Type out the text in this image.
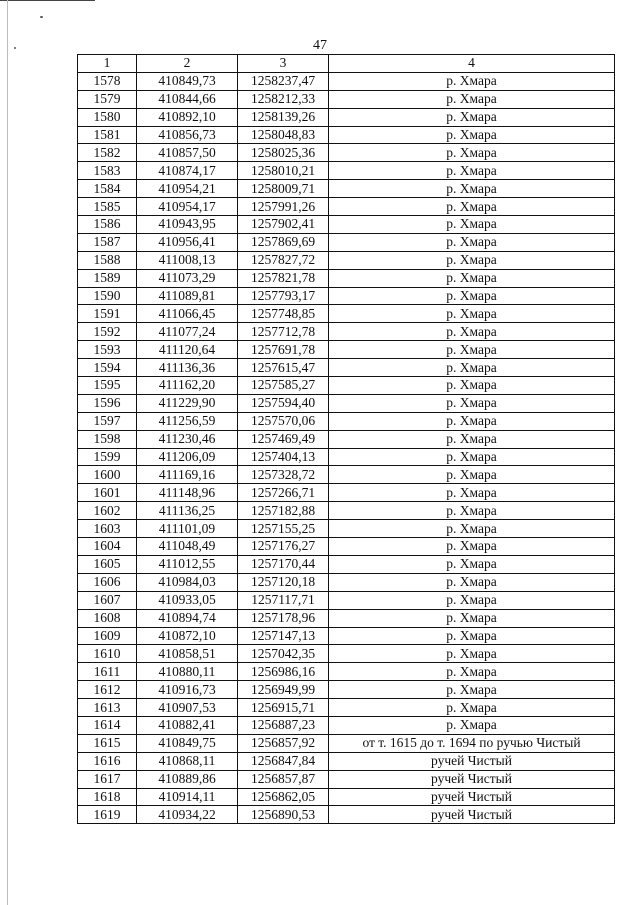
47
1	2	3	4
1578	410849,73	1258237,47	р. Хмара
1579	410844,66	1258212,33	р. Хмара
1580	410892,10	1258139,26	р. Хмара
1581	410856,73	1258048,83	р. Хмара
1582	410857,50	1258025,36	р. Хмара
1583	410874,17	1258010,21	р. Хмара
1584	410954,21	1258009,71	р. Хмара
1585	410954,17	1257991,26	р. Хмара
1586	410943,95	1257902,41	р. Хмара
1587	410956,41	1257869,69	р. Хмара
1588	411008,13	1257827,72	р. Хмара
1589	411073,29	1257821,78	р. Хмара
1590	411089,81	1257793,17	р. Хмара
1591	411066,45	1257748,85	р. Хмара
1592	411077,24	1257712,78	р. Хмара
1593	411120,64	1257691,78	р. Хмара
1594	411136,36	1257615,47	р. Хмара
1595	411162,20	1257585,27	р. Хмара
1596	411229,90	1257594,40	р. Хмара
1597	411256,59	1257570,06	р. Хмара
1598	411230,46	1257469,49	р. Хмара
1599	411206,09	1257404,13	р. Хмара
1600	411169,16	1257328,72	р. Хмара
1601	411148,96	1257266,71	р. Хмара
1602	411136,25	1257182,88	р. Хмара
1603	411101,09	1257155,25	р. Хмара
1604	411048,49	1257176,27	р. Хмара
1605	411012,55	1257170,44	р. Хмара
1606	410984,03	1257120,18	р. Хмара
1607	410933,05	1257117,71	р. Хмара
1608	410894,74	1257178,96	р. Хмара
1609	410872,10	1257147,13	р. Хмара
1610	410858,51	1257042,35	р. Хмара
1611	410880,11	1256986,16	р. Хмара
1612	410916,73	1256949,99	р. Хмара
1613	410907,53	1256915,71	р. Хмара
1614	410882,41	1256887,23	р. Хмара
1615	410849,75	1256857,92	от т. 1615 до т. 1694 по ручью Чистый
1616	410868,11	1256847,84	ручей Чистый
1617	410889,86	1256857,87	ручей Чистый
1618	410914,11	1256862,05	ручей Чистый
1619	410934,22	1256890,53	ручей Чистый
